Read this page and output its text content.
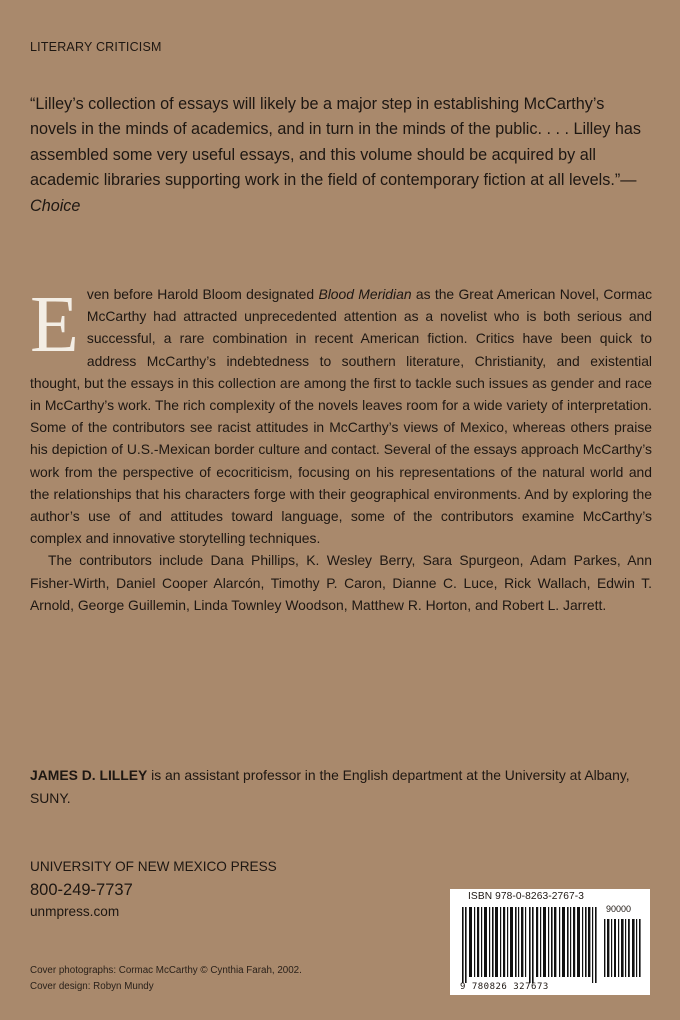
LITERARY CRITICISM
“Lilley’s collection of essays will likely be a major step in establishing McCarthy’s novels in the minds of academics, and in turn in the minds of the public. . . . Lilley has assembled some very useful essays, and this volume should be acquired by all academic libraries supporting work in the field of contemporary fiction at all levels.”—Choice

Even before Harold Bloom designated Blood Meridian as the Great American Novel, Cormac McCarthy had attracted unprecedented attention as a novelist who is both serious and successful, a rare combination in recent American fiction. Critics have been quick to address McCarthy’s indebtedness to southern literature, Christianity, and existential thought, but the essays in this collection are among the first to tackle such issues as gender and race in McCarthy’s work. The rich complexity of the novels leaves room for a wide variety of interpretation. Some of the contributors see racist attitudes in McCarthy’s views of Mexico, whereas others praise his depiction of U.S.-Mexican border culture and contact. Several of the essays approach McCarthy’s work from the perspective of ecocriticism, focusing on his representations of the natural world and the relationships that his characters forge with their geographical environments. And by exploring the author’s use of and attitudes toward language, some of the contributors examine McCarthy’s complex and innovative storytelling techniques.

The contributors include Dana Phillips, K. Wesley Berry, Sara Spurgeon, Adam Parkes, Ann Fisher-Wirth, Daniel Cooper Alarcón, Timothy P. Caron, Dianne C. Luce, Rick Wallach, Edwin T. Arnold, George Guillemin, Linda Townley Woodson, Matthew R. Horton, and Robert L. Jarrett.

JAMES D. LILLEY is an assistant professor in the English department at the University at Albany, SUNY.
UNIVERSITY OF NEW MEXICO PRESS
800-249-7737
unmpress.com
Cover photographs: Cormac McCarthy © Cynthia Farah, 2002.
Cover design: Robyn Mundy
ISBN 978-0-8263-2767-3
90000
9 780826 327673
